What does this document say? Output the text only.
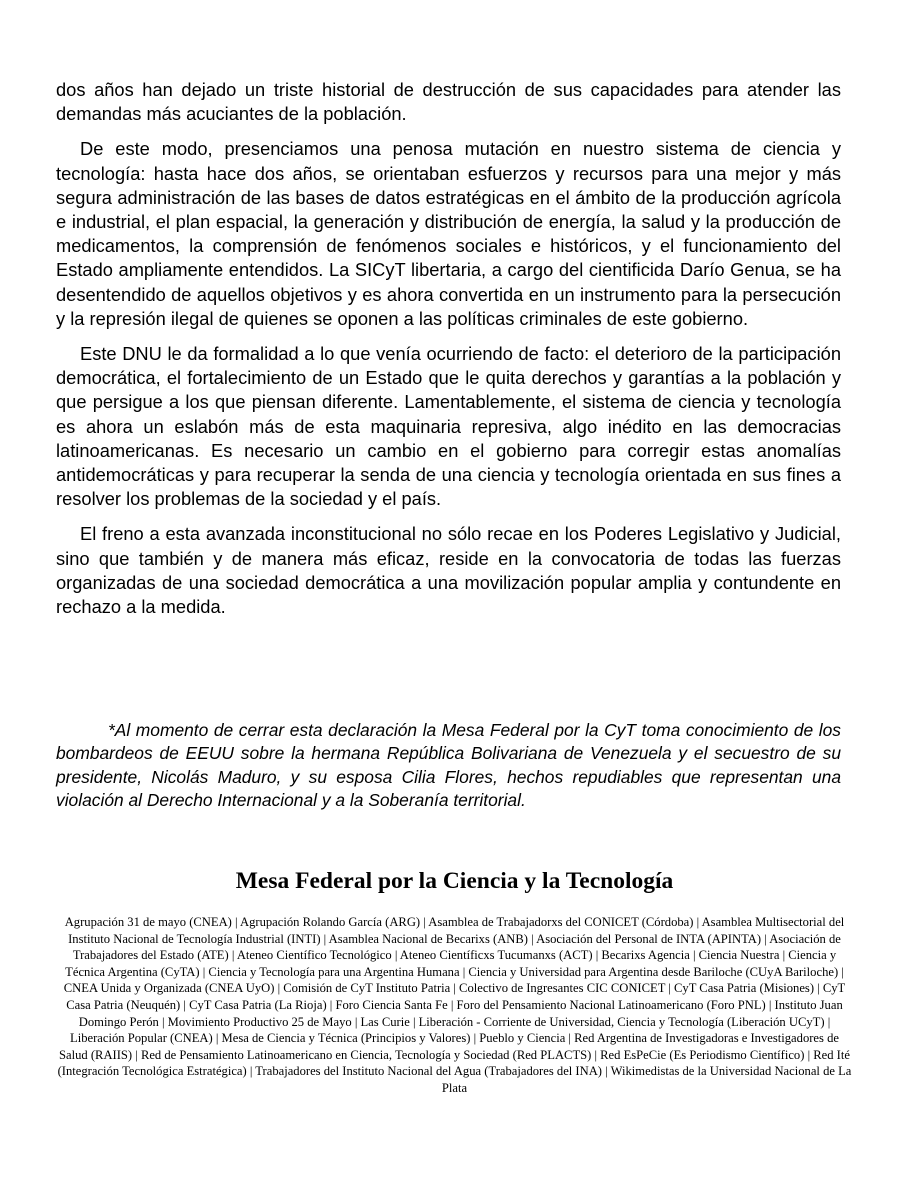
dos años han dejado un triste historial de destrucción de sus capacidades para atender las demandas más acuciantes de la población.

De este modo, presenciamos una penosa mutación en nuestro sistema de ciencia y tecnología: hasta hace dos años, se orientaban esfuerzos y recursos para una mejor y más segura administración de las bases de datos estratégicas en el ámbito de la producción agrícola e industrial, el plan espacial, la generación y distribución de energía, la salud y la producción de medicamentos, la comprensión de fenómenos sociales e históricos, y el funcionamiento del Estado ampliamente entendidos. La SICyT libertaria, a cargo del cientificida Darío Genua, se ha desentendido de aquellos objetivos y es ahora convertida en un instrumento para la persecución y la represión ilegal de quienes se oponen a las políticas criminales de este gobierno.

Este DNU le da formalidad a lo que venía ocurriendo de facto: el deterioro de la participación democrática, el fortalecimiento de un Estado que le quita derechos y garantías a la población y que persigue a los que piensan diferente. Lamentablemente, el sistema de ciencia y tecnología es ahora un eslabón más de esta maquinaria represiva, algo inédito en las democracias latinoamericanas. Es necesario un cambio en el gobierno para corregir estas anomalías antidemocráticas y para recuperar la senda de una ciencia y tecnología orientada en sus fines a resolver los problemas de la sociedad y el país.

El freno a esta avanzada inconstitucional no sólo recae en los Poderes Legislativo y Judicial, sino que también y de manera más eficaz, reside en la convocatoria de todas las fuerzas organizadas de una sociedad democrática a una movilización popular amplia y contundente en rechazo a la medida.

*Al momento de cerrar esta declaración la Mesa Federal por la CyT toma conocimiento de los bombardeos de EEUU sobre la hermana República Bolivariana de Venezuela y el secuestro de su presidente, Nicolás Maduro, y su esposa Cilia Flores, hechos repudiables que representan una violación al Derecho Internacional y a la Soberanía territorial.

Mesa Federal por la Ciencia y la Tecnología

Agrupación 31 de mayo (CNEA) | Agrupación Rolando García (ARG) | Asamblea de Trabajadorxs del CONICET (Córdoba) | Asamblea Multisectorial del Instituto Nacional de Tecnología Industrial (INTI) | Asamblea Nacional de Becarixs (ANB) | Asociación del Personal de INTA (APINTA) | Asociación de Trabajadores del Estado (ATE) | Ateneo Científico Tecnológico | Ateneo Científicxs Tucumanxs (ACT) | Becarixs Agencia | Ciencia Nuestra | Ciencia y Técnica Argentina (CyTA) | Ciencia y Tecnología para una Argentina Humana | Ciencia y Universidad para Argentina desde Bariloche (CUyA Bariloche) | CNEA Unida y Organizada (CNEA UyO) | Comisión de CyT Instituto Patria | Colectivo de Ingresantes CIC CONICET | CyT Casa Patria (Misiones) | CyT Casa Patria (Neuquén) | CyT Casa Patria (La Rioja) | Foro Ciencia Santa Fe | Foro del Pensamiento Nacional Latinoamericano (Foro PNL) | Instituto Juan Domingo Perón | Movimiento Productivo 25 de Mayo | Las Curie | Liberación - Corriente de Universidad, Ciencia y Tecnología (Liberación UCyT) | Liberación Popular (CNEA) | Mesa de Ciencia y Técnica (Principios y Valores) | Pueblo y Ciencia | Red Argentina de Investigadoras e Investigadores de Salud (RAIIS) | Red de Pensamiento Latinoamericano en Ciencia, Tecnología y Sociedad (Red PLACTS) | Red EsPeCie (Es Periodismo Científico) | Red Ité (Integración Tecnológica Estratégica) | Trabajadores del Instituto Nacional del Agua (Trabajadores del INA) | Wikimedistas de la Universidad Nacional de La Plata
